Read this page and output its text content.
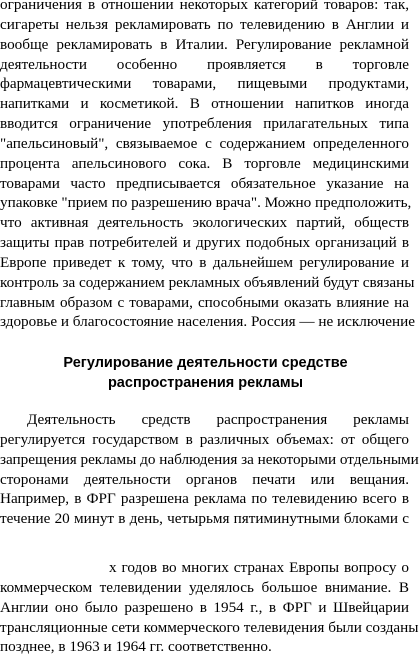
ограничения в отношении некоторых категорий товаров: так,
сигареты нельзя рекламировать по телевидению в Англии и
вообще рекламировать в Италии. Регулирование рекламной
деятельности особенно проявляется в торговле
фармацевтическими товарами, пищевыми продуктами,
напитками и косметикой. В отношении напитков иногда
вводится ограничение употребления прилагательных типа
"апельсиновый", связываемое с содержанием определенного
процента апельсинового сока. В торговле медицинскими
товарами часто предписывается обязательное указание на
упаковке "прием по разрешению врача". Можно предположить,
что активная деятельность экологических партий, обществ
защиты прав потребителей и других подобных организаций в
Европе приведет к тому, что в дальнейшем регулирование и
контроль за содержанием рекламных объявлений будут связаны
главным образом с товарами, способными оказать влияние на
здоровье и благосостояние населения. Россия — не исключение
Регулирование деятельности средстве
распространения рекламы
Деятельность средств распространения рекламы
регулируется государством в различных объемах: от общего
запрещения рекламы до наблюдения за некоторыми отдельными
сторонами деятельности органов печати или вещания.
Например, в ФРГ разрешена реклама по телевидению всего в
течение 20 минут в день, четырьмя пятиминутными блоками с
х годов во многих странах Европы вопросу о
коммерческом телевидении уделялось большое внимание. В
Англии оно было разрешено в 1954 г., в ФРГ и Швейцарии
трансляционные сети коммерческого телевидения были созданы
позднее, в 1963 и 1964 гг. соответственно.
